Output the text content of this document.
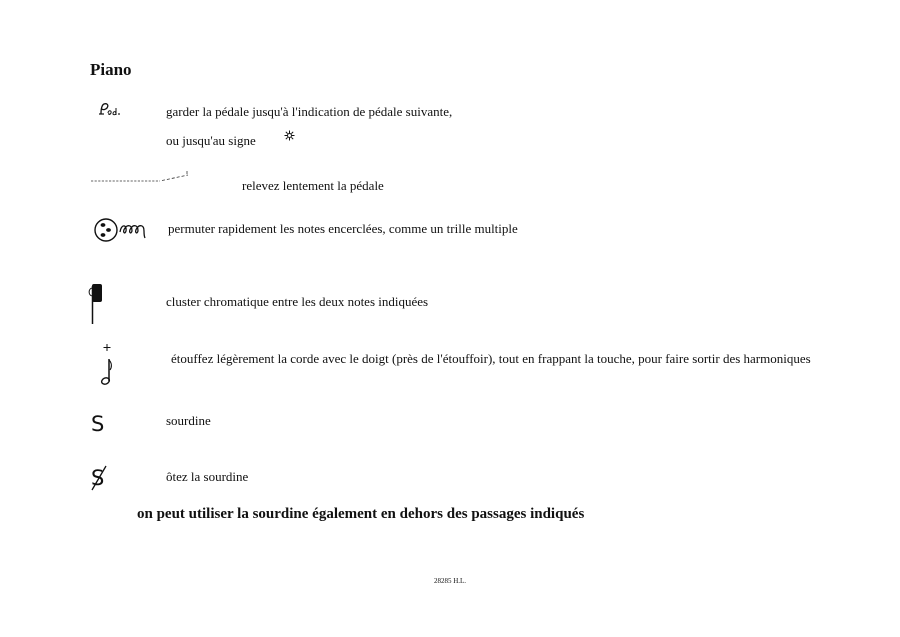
Piano
garder la pédale jusqu'à l'indication de pédale suivante,
ou jusqu'au signe
relevez lentement la pédale
permuter rapidement les notes encerclées, comme un trille multiple
cluster chromatique entre les deux notes indiquées
étouffez légèrement la corde avec le doigt (près de l'étouffoir), tout en frappant la touche, pour faire sortir des harmoniques
S	sourdine
S	ôtez la sourdine
on peut utiliser la sourdine également en dehors des passages indiqués
28285 H.L.
